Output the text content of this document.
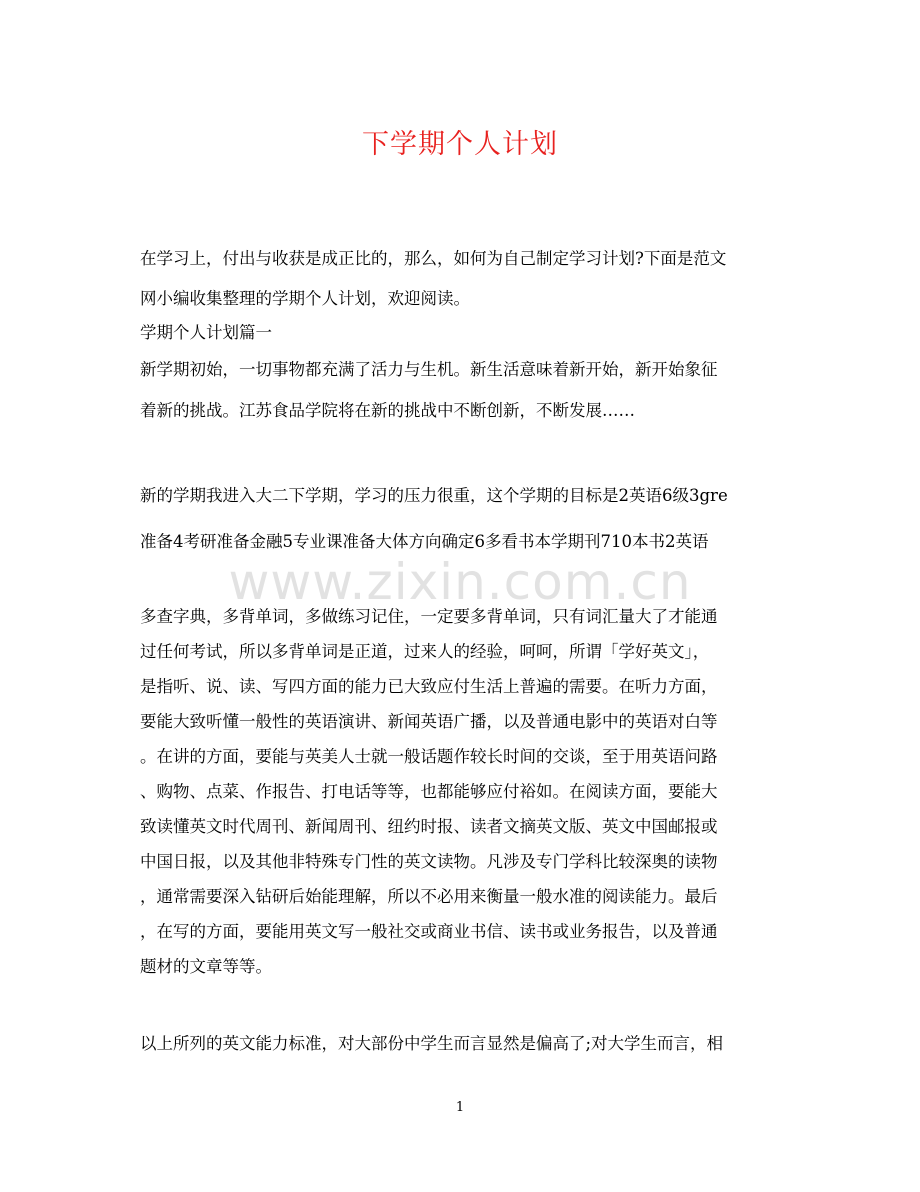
下学期个人计划
在学习上，付出与收获是成正比的，那么，如何为自己制定学习计划?下面是范文
网小编收集整理的学期个人计划，欢迎阅读。
学期个人计划篇一
新学期初始，一切事物都充满了活力与生机。新生活意味着新开始，新开始象征
着新的挑战。江苏食品学院将在新的挑战中不断创新，不断发展……
新的学期我进入大二下学期，学习的压力很重，这个学期的目标是2英语6级3gre
准备4考研准备金融5专业课准备大体方向确定6多看书本学期刊710本书2英语
多查字典，多背单词，多做练习记住，一定要多背单词，只有词汇量大了才能通
过任何考试，所以多背单词是正道，过来人的经验，呵呵，所谓「学好英文」，
是指听、说、读、写四方面的能力已大致应付生活上普遍的需要。在听力方面，
要能大致听懂一般性的英语演讲、新闻英语广播，以及普通电影中的英语对白等
。在讲的方面，要能与英美人士就一般话题作较长时间的交谈，至于用英语问路
、购物、点菜、作报告、打电话等等，也都能够应付裕如。在阅读方面，要能大
致读懂英文时代周刊、新闻周刊、纽约时报、读者文摘英文版、英文中国邮报或
中国日报，以及其他非特殊专门性的英文读物。凡涉及专门学科比较深奥的读物
，通常需要深入钻研后始能理解，所以不必用来衡量一般水准的阅读能力。最后
，在写的方面，要能用英文写一般社交或商业书信、读书或业务报告，以及普通
题材的文章等等。
以上所列的英文能力标准，对大部份中学生而言显然是偏高了;对大学生而言，相
www.zixin.com.cn
1
